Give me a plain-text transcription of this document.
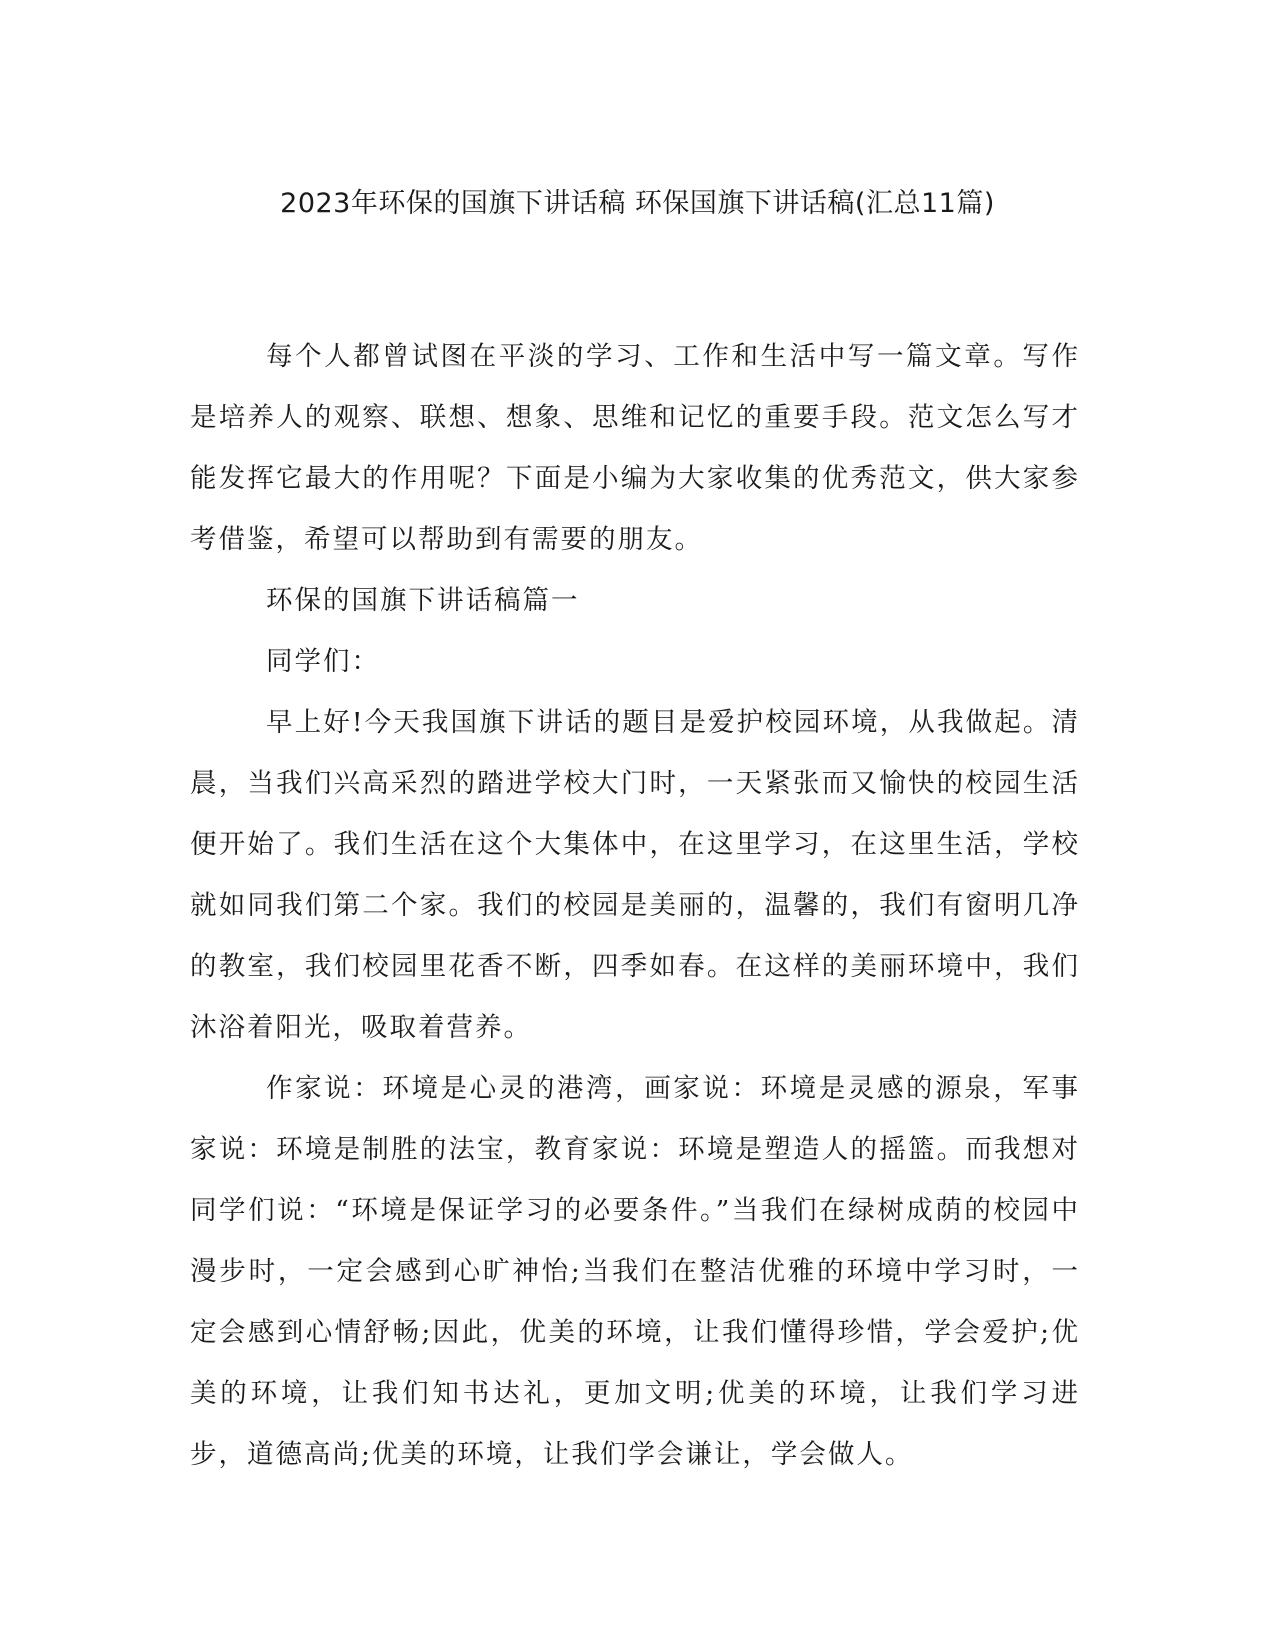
2023年环保的国旗下讲话稿 环保国旗下讲话稿(汇总11篇)

每个人都曾试图在平淡的学习、工作和生活中写一篇文章。写作是培养人的观察、联想、想象、思维和记忆的重要手段。范文怎么写才能发挥它最大的作用呢？下面是小编为大家收集的优秀范文，供大家参考借鉴，希望可以帮助到有需要的朋友。

环保的国旗下讲话稿篇一

同学们：

早上好!今天我国旗下讲话的题目是爱护校园环境，从我做起。清晨，当我们兴高采烈的踏进学校大门时，一天紧张而又愉快的校园生活便开始了。我们生活在这个大集体中，在这里学习，在这里生活，学校就如同我们第二个家。我们的校园是美丽的，温馨的，我们有窗明几净的教室，我们校园里花香不断，四季如春。在这样的美丽环境中，我们沐浴着阳光，吸取着营养。

作家说：环境是心灵的港湾，画家说：环境是灵感的源泉，军事家说：环境是制胜的法宝，教育家说：环境是塑造人的摇篮。而我想对同学们说：“环境是保证学习的必要条件。”当我们在绿树成荫的校园中漫步时，一定会感到心旷神怡;当我们在整洁优雅的环境中学习时，一定会感到心情舒畅;因此，优美的环境，让我们懂得珍惜，学会爱护;优美的环境，让我们知书达礼，更加文明;优美的环境，让我们学习进步，道德高尚;优美的环境，让我们学会谦让，学会做人。
